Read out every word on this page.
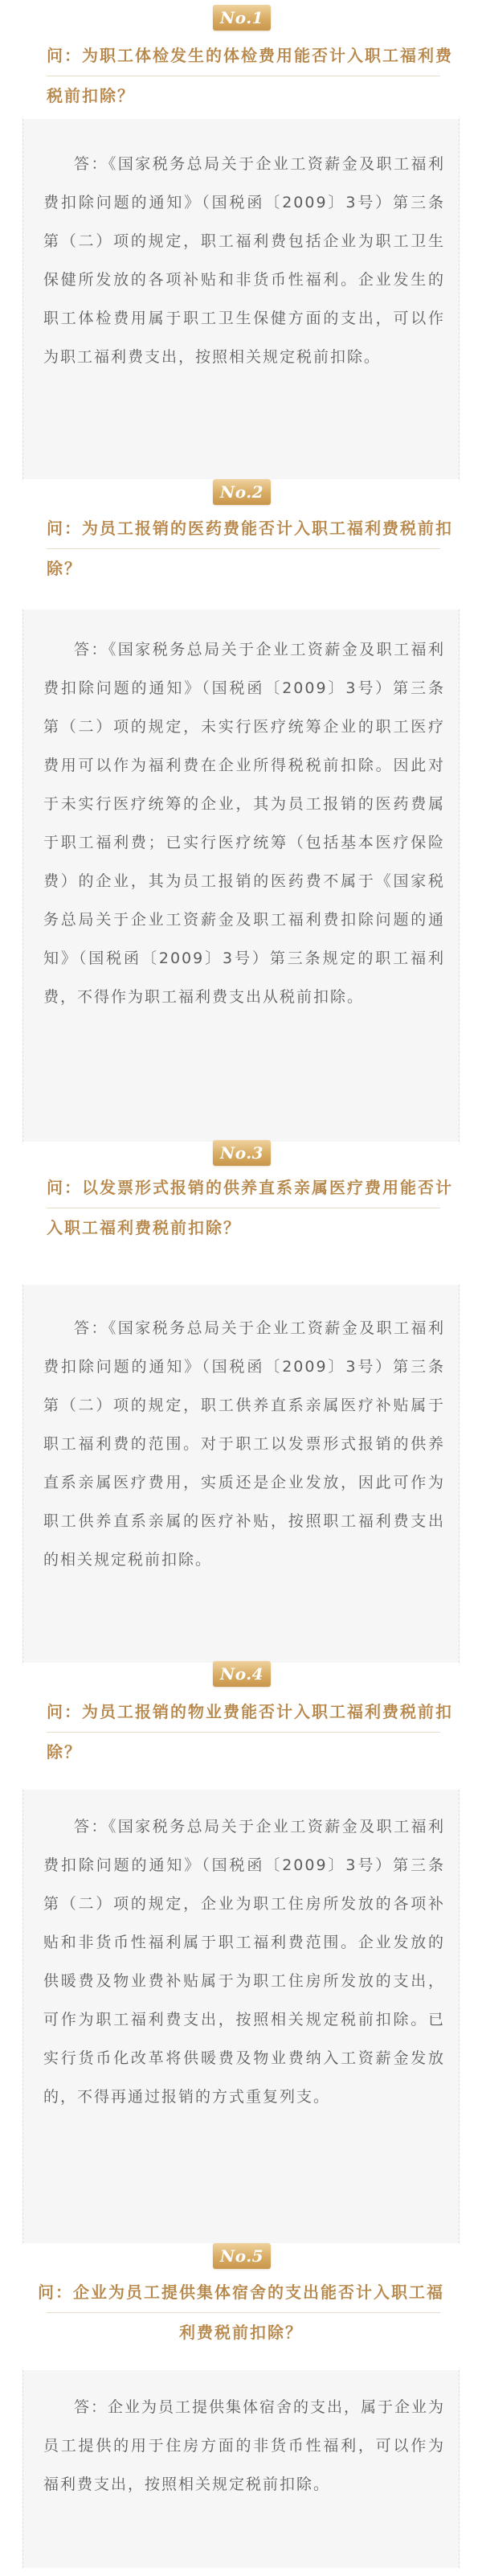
No.1

问：为职工体检发生的体检费用能否计入职工福利费税前扣除？

答：《国家税务总局关于企业工资薪金及职工福利费扣除问题的通知》（国税函〔2009〕3号）第三条第（二）项的规定，职工福利费包括企业为职工卫生保健所发放的各项补贴和非货币性福利。企业发生的职工体检费用属于职工卫生保健方面的支出，可以作为职工福利费支出，按照相关规定税前扣除。

No.2

问：为员工报销的医药费能否计入职工福利费税前扣除？

答：《国家税务总局关于企业工资薪金及职工福利费扣除问题的通知》（国税函〔2009〕3号）第三条第（二）项的规定，未实行医疗统筹企业的职工医疗费用可以作为福利费在企业所得税税前扣除。因此对于未实行医疗统筹的企业，其为员工报销的医药费属于职工福利费；已实行医疗统筹（包括基本医疗保险费）的企业，其为员工报销的医药费不属于《国家税务总局关于企业工资薪金及职工福利费扣除问题的通知》（国税函〔2009〕3号）第三条规定的职工福利费，不得作为职工福利费支出从税前扣除。

No.3

问：以发票形式报销的供养直系亲属医疗费用能否计入职工福利费税前扣除？

答：《国家税务总局关于企业工资薪金及职工福利费扣除问题的通知》（国税函〔2009〕3号）第三条第（二）项的规定，职工供养直系亲属医疗补贴属于职工福利费的范围。对于职工以发票形式报销的供养直系亲属医疗费用，实质还是企业发放，因此可作为职工供养直系亲属的医疗补贴，按照职工福利费支出的相关规定税前扣除。

No.4

问：为员工报销的物业费能否计入职工福利费税前扣除？

答：《国家税务总局关于企业工资薪金及职工福利费扣除问题的通知》（国税函〔2009〕3号）第三条第（二）项的规定，企业为职工住房所发放的各项补贴和非货币性福利属于职工福利费范围。企业发放的供暖费及物业费补贴属于为职工住房所发放的支出，可作为职工福利费支出，按照相关规定税前扣除。已实行货币化改革将供暖费及物业费纳入工资薪金发放的，不得再通过报销的方式重复列支。

No.5

问：企业为员工提供集体宿舍的支出能否计入职工福利费税前扣除？

答：企业为员工提供集体宿舍的支出，属于企业为员工提供的用于住房方面的非货币性福利，可以作为福利费支出，按照相关规定税前扣除。
